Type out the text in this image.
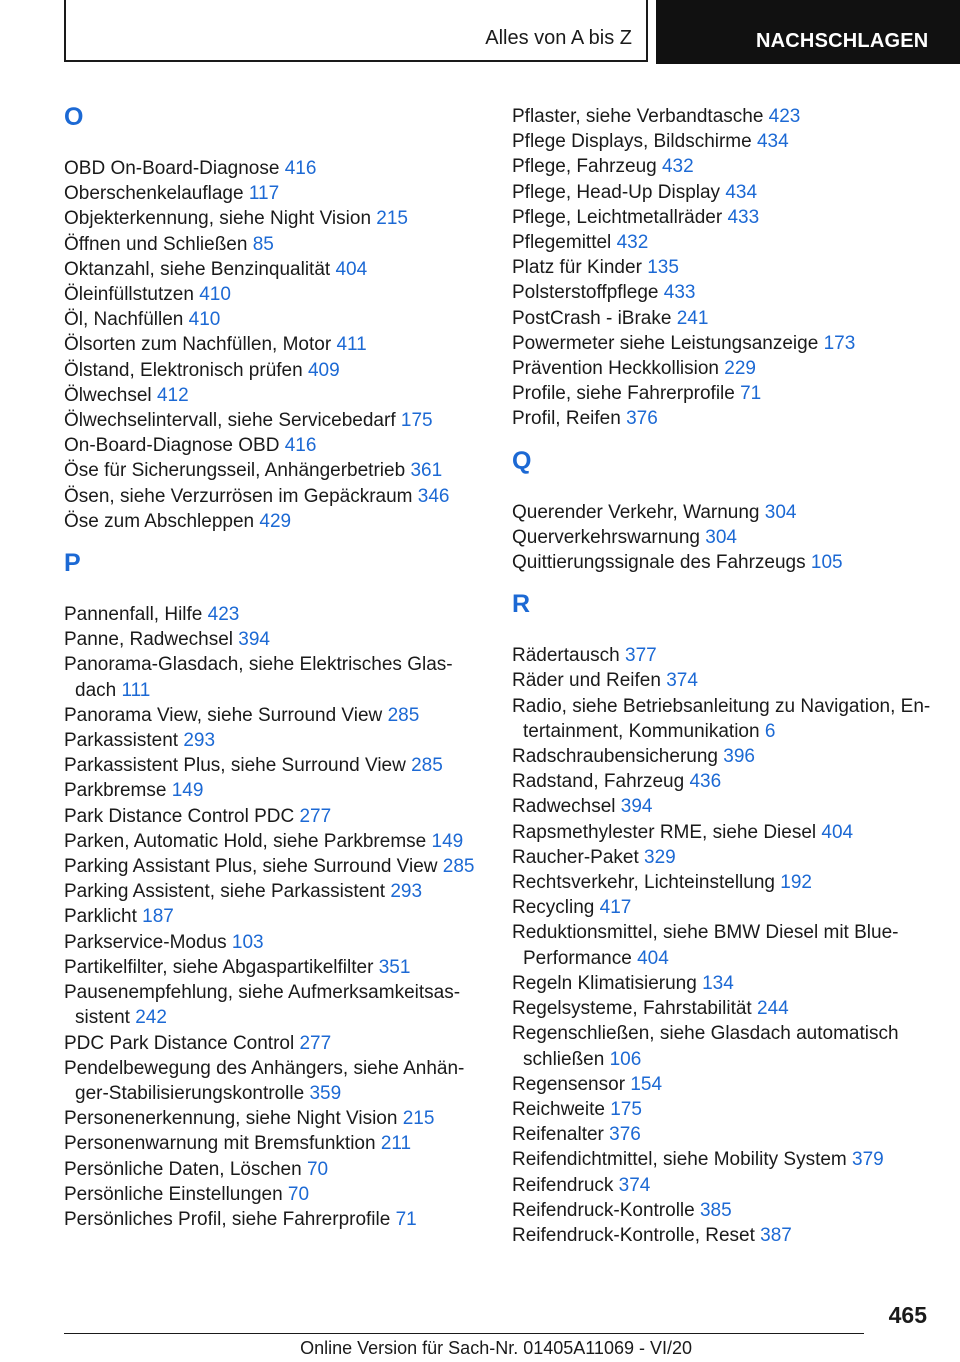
Alles von A bis Z	NACHSCHLAGEN
O
OBD On-Board-Diagnose 416
Oberschenkelauflage 117
Objekterkennung, siehe Night Vision 215
Öffnen und Schließen 85
Oktanzahl, siehe Benzinqualität 404
Öleinfüllstutzen 410
Öl, Nachfüllen 410
Ölsorten zum Nachfüllen, Motor 411
Ölstand, Elektronisch prüfen 409
Ölwechsel 412
Ölwechselintervall, siehe Servicebedarf 175
On-Board-Diagnose OBD 416
Öse für Sicherungsseil, Anhängerbetrieb 361
Ösen, siehe Verzurrösen im Gepäckraum 346
Öse zum Abschleppen 429
P
Pannenfall, Hilfe 423
Panne, Radwechsel 394
Panorama-Glasdach, siehe Elektrisches Glas-dach 111
Panorama View, siehe Surround View 285
Parkassistent 293
Parkassistent Plus, siehe Surround View 285
Parkbremse 149
Park Distance Control PDC 277
Parken, Automatic Hold, siehe Parkbremse 149
Parking Assistant Plus, siehe Surround View 285
Parking Assistent, siehe Parkassistent 293
Parklicht 187
Parkservice-Modus 103
Partikelfilter, siehe Abgaspartikelfilter 351
Pausenempfehlung, siehe Aufmerksamkeitsas-sistent 242
PDC Park Distance Control 277
Pendelbewegung des Anhängers, siehe Anhän-ger-Stabilisierungskontrolle 359
Personenerkennung, siehe Night Vision 215
Personenwarnung mit Bremsfunktion 211
Persönliche Daten, Löschen 70
Persönliche Einstellungen 70
Persönliches Profil, siehe Fahrerprofile 71
Pflaster, siehe Verbandtasche 423
Pflege Displays, Bildschirme 434
Pflege, Fahrzeug 432
Pflege, Head-Up Display 434
Pflege, Leichtmetallräder 433
Pflegemittel 432
Platz für Kinder 135
Polsterstoffpflege 433
PostCrash - iBrake 241
Powermeter siehe Leistungsanzeige 173
Prävention Heckkollision 229
Profile, siehe Fahrerprofile 71
Profil, Reifen 376
Q
Querender Verkehr, Warnung 304
Querverkehrswarnung 304
Quittierungssignale des Fahrzeugs 105
R
Rädertausch 377
Räder und Reifen 374
Radio, siehe Betriebsanleitung zu Navigation, En-tertainment, Kommunikation 6
Radschraubensicherung 396
Radstand, Fahrzeug 436
Radwechsel 394
Rapsmethylester RME, siehe Diesel 404
Raucher-Paket 329
Rechtsverkehr, Lichteinstellung 192
Recycling 417
Reduktionsmittel, siehe BMW Diesel mit Blue-Performance 404
Regeln Klimatisierung 134
Regelsysteme, Fahrstabilität 244
Regenschließen, siehe Glasdach automatisch schließen 106
Regensensor 154
Reichweite 175
Reifenalter 376
Reifendichtmittel, siehe Mobility System 379
Reifendruck 374
Reifendruck-Kontrolle 385
Reifendruck-Kontrolle, Reset 387
465
Online Version für Sach-Nr. 01405A11069 - VI/20
